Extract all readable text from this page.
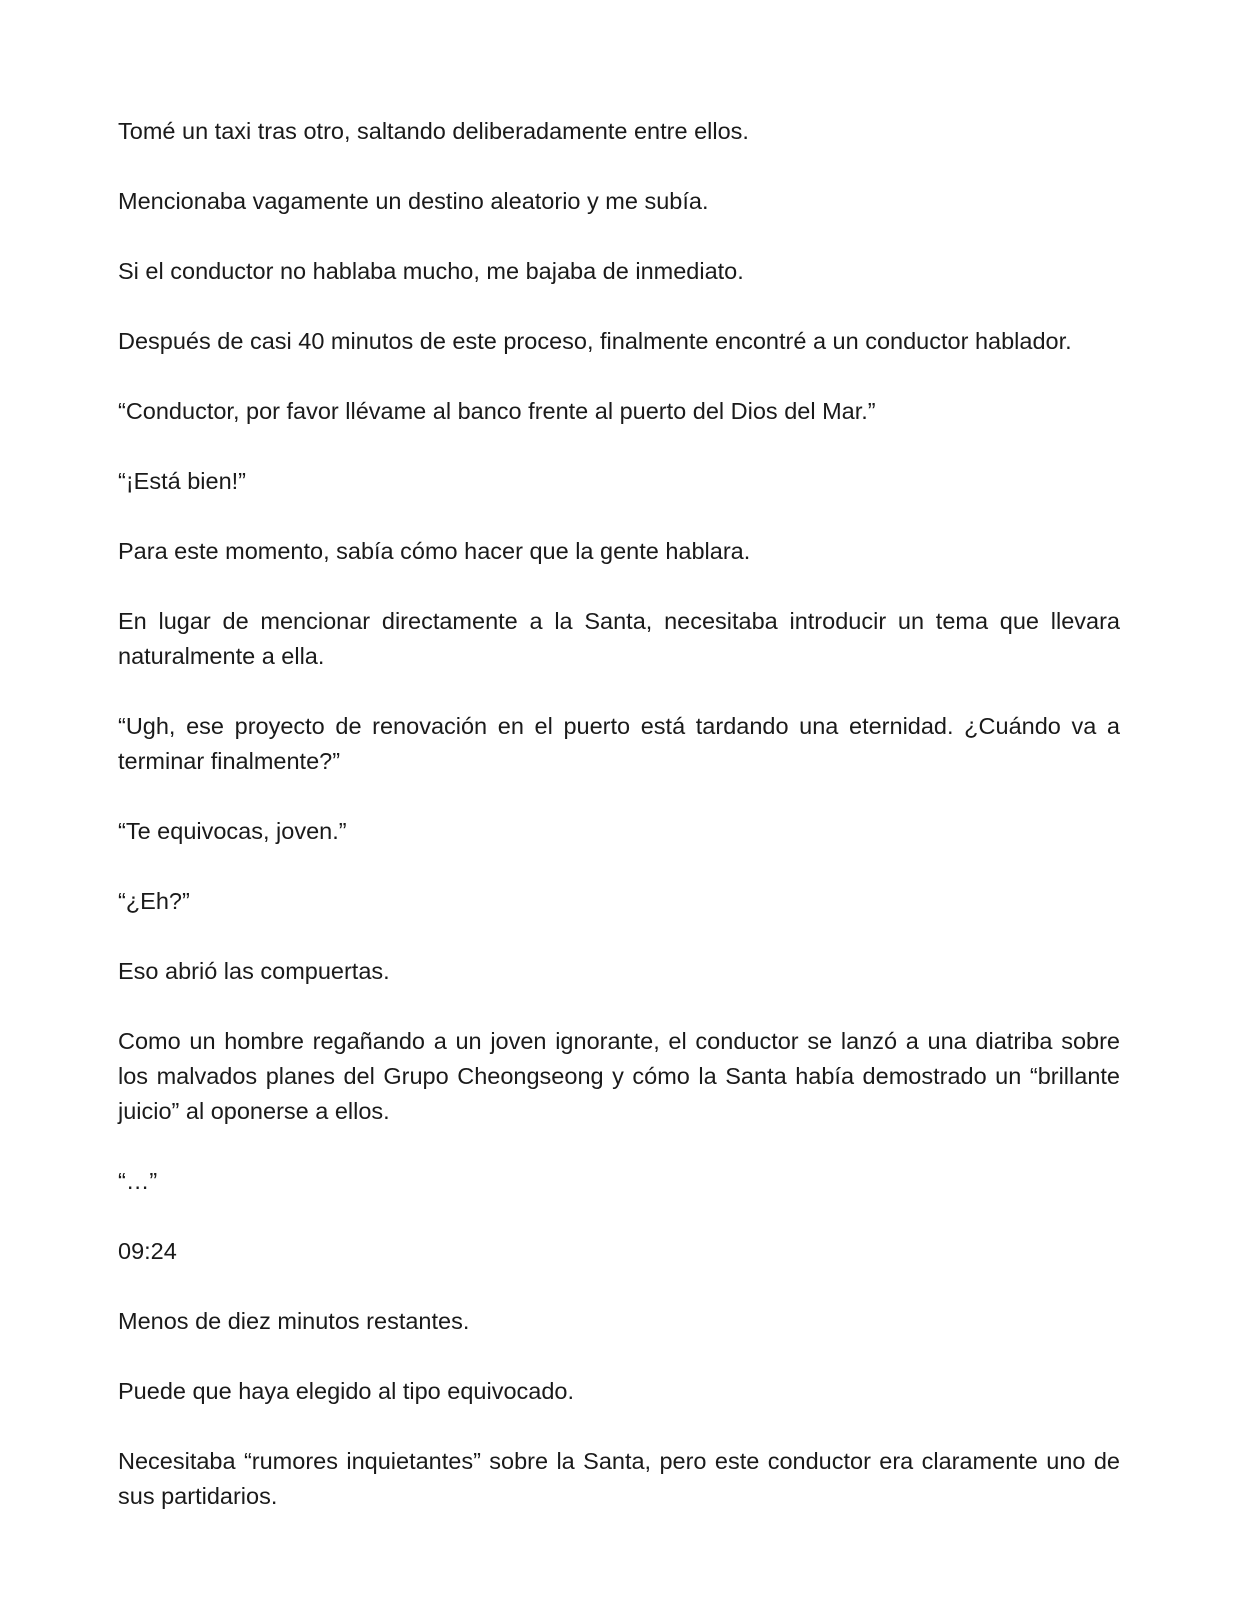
Tomé un taxi tras otro, saltando deliberadamente entre ellos.

Mencionaba vagamente un destino aleatorio y me subía.

Si el conductor no hablaba mucho, me bajaba de inmediato.

Después de casi 40 minutos de este proceso, finalmente encontré a un conductor hablador.

“Conductor, por favor llévame al banco frente al puerto del Dios del Mar.”

“¡Está bien!”

Para este momento, sabía cómo hacer que la gente hablara.

En lugar de mencionar directamente a la Santa, necesitaba introducir un tema que llevara naturalmente a ella.

“Ugh, ese proyecto de renovación en el puerto está tardando una eternidad. ¿Cuándo va a terminar finalmente?”

“Te equivocas, joven.”

“¿Eh?”

Eso abrió las compuertas.

Como un hombre regañando a un joven ignorante, el conductor se lanzó a una diatriba sobre los malvados planes del Grupo Cheongseong y cómo la Santa había demostrado un “brillante juicio” al oponerse a ellos.

“…”

09:24

Menos de diez minutos restantes.

Puede que haya elegido al tipo equivocado.

Necesitaba “rumores inquietantes” sobre la Santa, pero este conductor era claramente uno de sus partidarios.
